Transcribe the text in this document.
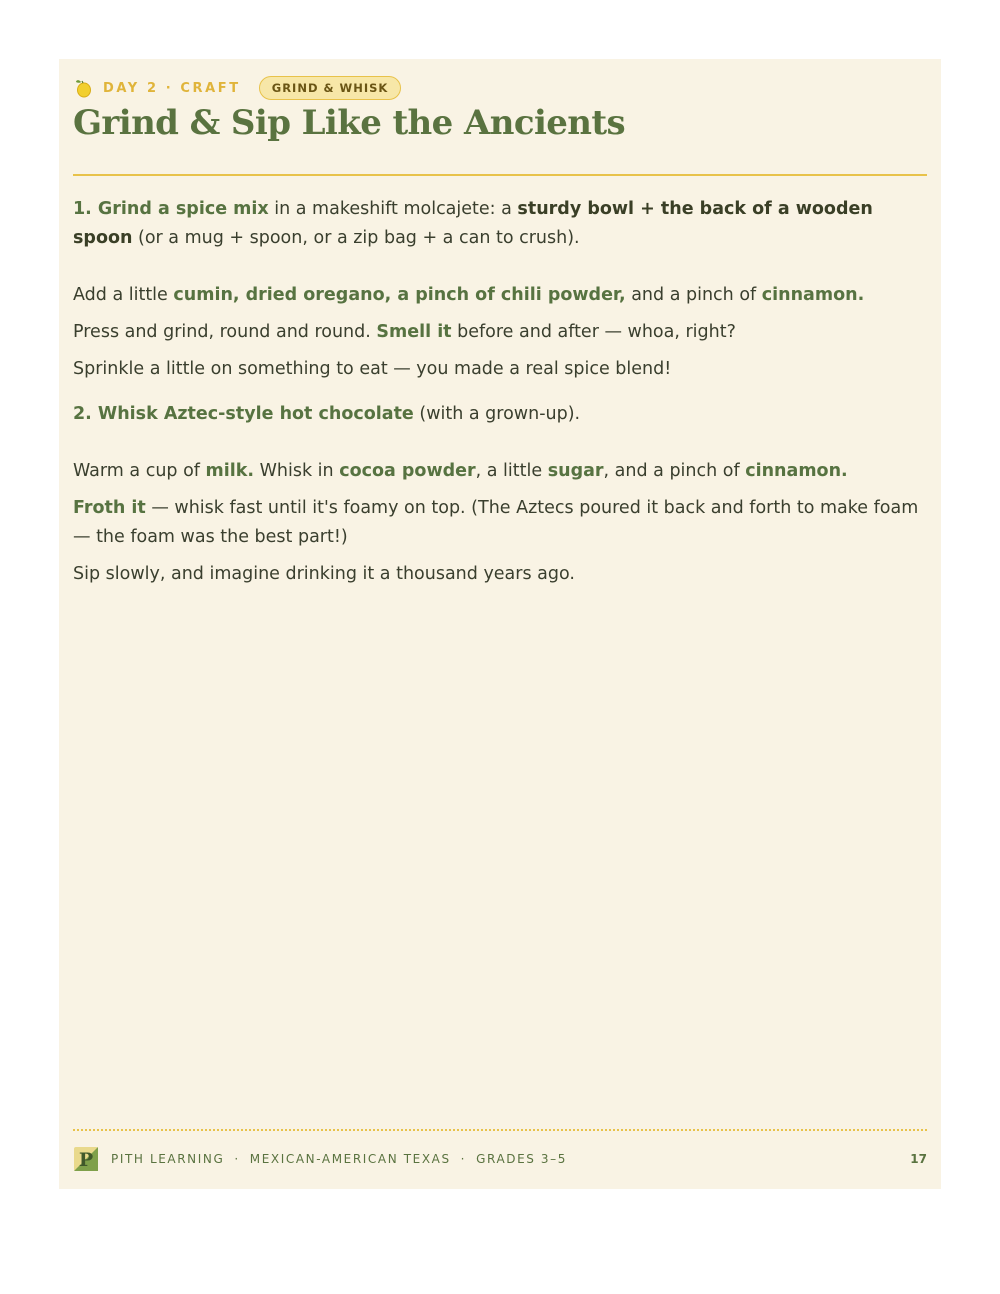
DAY 2 · CRAFT	GRIND & WHISK
Grind & Sip Like the Ancients

1. Grind a spice mix in a makeshift molcajete: a sturdy bowl + the back of a wooden spoon (or a mug + spoon, or a zip bag + a can to crush).

Add a little cumin, dried oregano, a pinch of chili powder, and a pinch of cinnamon.

Press and grind, round and round. Smell it before and after — whoa, right?

Sprinkle a little on something to eat — you made a real spice blend!

2. Whisk Aztec-style hot chocolate (with a grown-up).

Warm a cup of milk. Whisk in cocoa powder, a little sugar, and a pinch of cinnamon.

Froth it — whisk fast until it's foamy on top. (The Aztecs poured it back and forth to make foam — the foam was the best part!)

Sip slowly, and imagine drinking it a thousand years ago.

P PITH LEARNING · MEXICAN-AMERICAN TEXAS · GRADES 3–5	17
